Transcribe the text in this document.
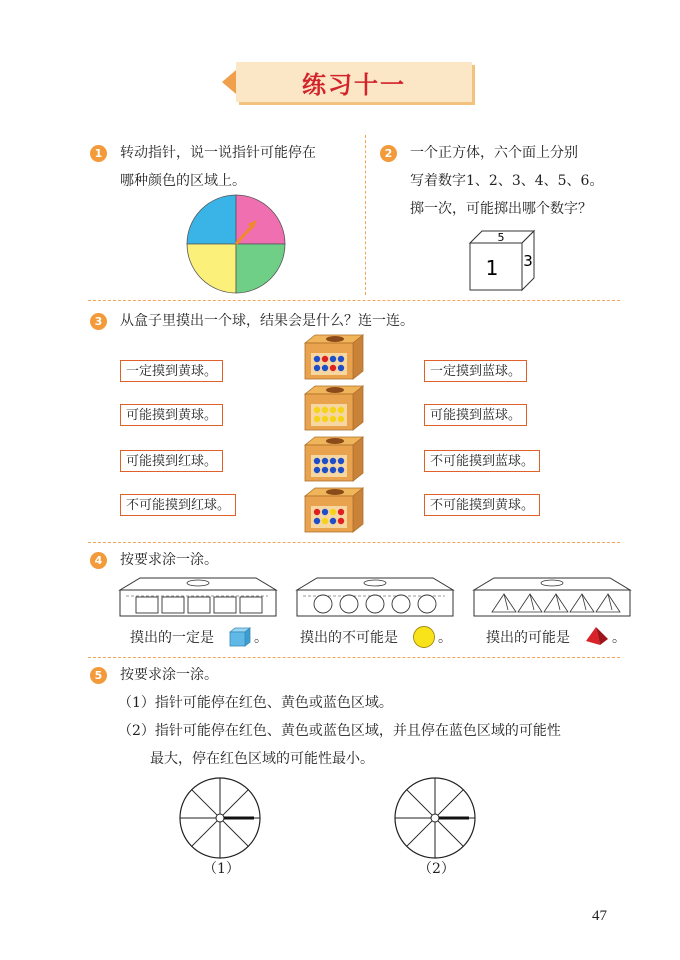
练习十一
1	转动指针，说一说指针可能停在
哪种颜色的区域上。
2	一个正方体，六个面上分别
写着数字1、2、3、4、5、6。
掷一次，可能掷出哪个数字？
5
1 3
3	从盒子里摸出一个球，结果会是什么？连一连。
一定摸到黄球。
可能摸到黄球。
可能摸到红球。
不可能摸到红球。
一定摸到蓝球。
可能摸到蓝球。
不可能摸到蓝球。
不可能摸到黄球。
4	按要求涂一涂。
摸出的一定是	。 摸出的不可能是	。 摸出的可能是	。
5	按要求涂一涂。
（1）指针可能停在红色、黄色或蓝色区域。
（2）指针可能停在红色、黄色或蓝色区域，并且停在蓝色区域的可能性
最大，停在红色区域的可能性最小。
（1）	（2）
47
